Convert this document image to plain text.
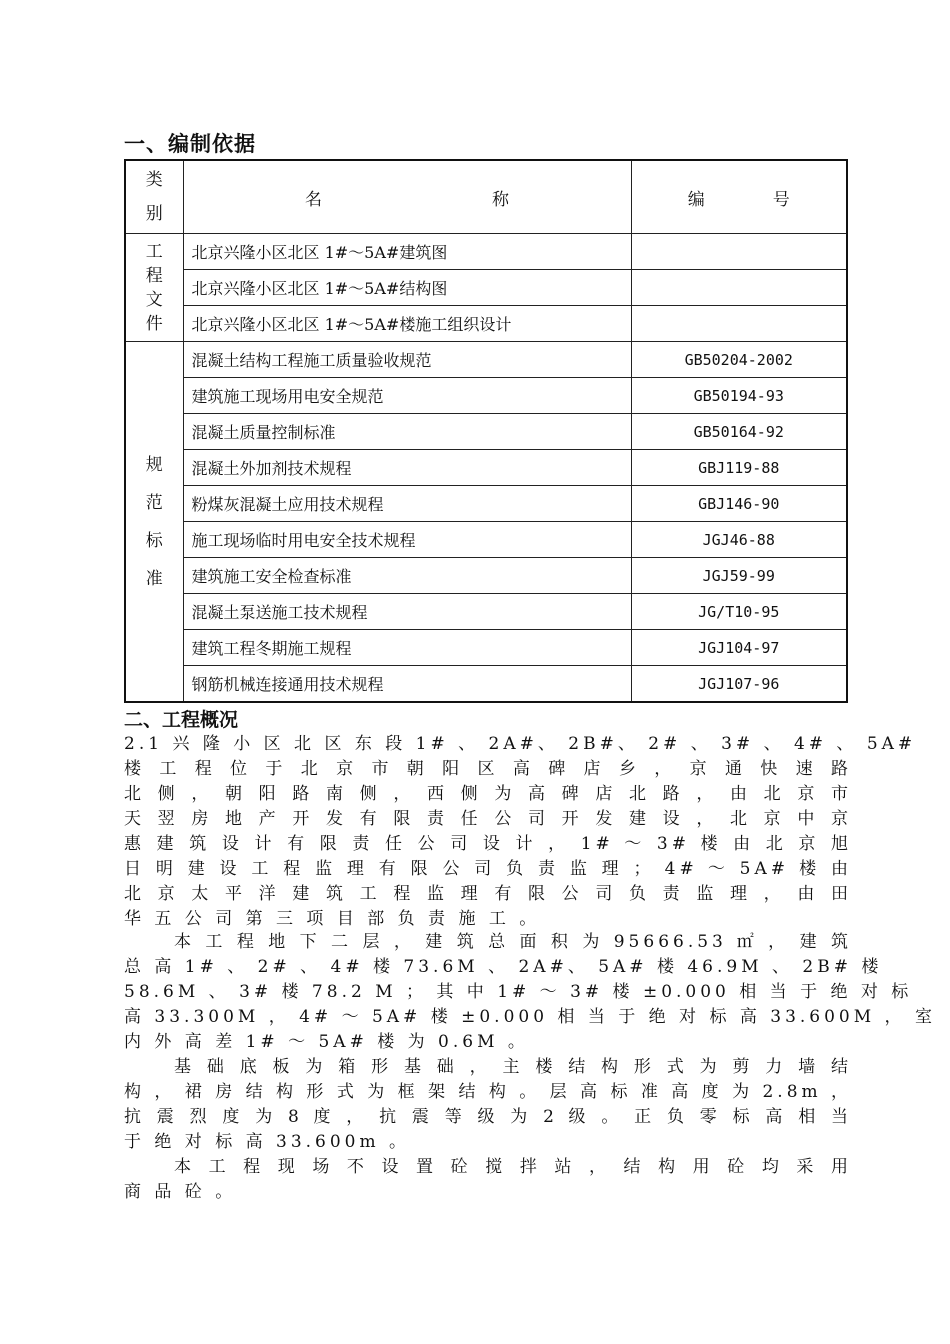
一、编制依据
类
别	名　　　　　　　　　　称	编　　　　号

工
程
文
件	北京兴隆小区北区 1#～5A#建筑图	
	北京兴隆小区北区 1#～5A#结构图	
	北京兴隆小区北区 1#～5A#楼施工组织设计	

规
范
标
准	混凝土结构工程施工质量验收规范	GB50204-2002
	建筑施工现场用电安全规范	GB50194-93
	混凝土质量控制标准	GB50164-92
	混凝土外加剂技术规程	GBJ119-88
	粉煤灰混凝土应用技术规程	GBJ146-90
	施工现场临时用电安全技术规程	JGJ46-88
	建筑施工安全检查标准	JGJ59-99
	混凝土泵送施工技术规程	JG/T10-95
	建筑工程冬期施工规程	JGJ104-97
	钢筋机械连接通用技术规程	JGJ107-96
二、工程概况
2.1 兴 隆 小 区 北 区 东 段 1# 、 2A#、 2B#、 2# 、 3# 、 4# 、 5A#
楼 工 程 位 于 北 京 市 朝 阳 区 高 碑 店 乡 ， 京 通 快 速 路
北 侧 ， 朝 阳 路 南 侧 ， 西 侧 为 高 碑 店 北 路 ， 由 北 京 市
天 翌 房 地 产 开 发 有 限 责 任 公 司 开 发 建 设 ， 北 京 中 京
惠 建 筑 设 计 有 限 责 任 公 司 设 计 ， 1# ～ 3# 楼 由 北 京 旭
日 明 建 设 工 程 监 理 有 限 公 司 负 责 监 理 ； 4# ～ 5A# 楼 由
北 京 太 平 洋 建 筑 工 程 监 理 有 限 公 司 负 责 监 理 ， 由 田
华 五 公 司 第 三 项 目 部 负 责 施 工 。
本 工 程 地 下 二 层 ， 建 筑 总 面 积 为 95666.53 ㎡ ， 建 筑
总 高 1# 、 2# 、 4# 楼 73.6M 、 2A#、 5A# 楼 46.9M 、 2B# 楼
58.6M 、 3# 楼 78.2 M ； 其 中 1# ～ 3# 楼 ±0.000 相 当 于 绝 对 标
高 33.300M ， 4# ～ 5A# 楼 ±0.000 相 当 于 绝 对 标 高 33.600M ， 室
内 外 高 差 1# ～ 5A# 楼 为 0.6M 。
基 础 底 板 为 箱 形 基 础 ， 主 楼 结 构 形 式 为 剪 力 墙 结
构 ， 裙 房 结 构 形 式 为 框 架 结 构 。 层 高 标 准 高 度 为 2.8m ，
抗 震 烈 度 为 8 度 ， 抗 震 等 级 为 2 级 。 正 负 零 标 高 相 当
于 绝 对 标 高 33.600m 。
本 工 程 现 场 不 设 置 砼 搅 拌 站 ， 结 构 用 砼 均 采 用
商 品 砼 。
